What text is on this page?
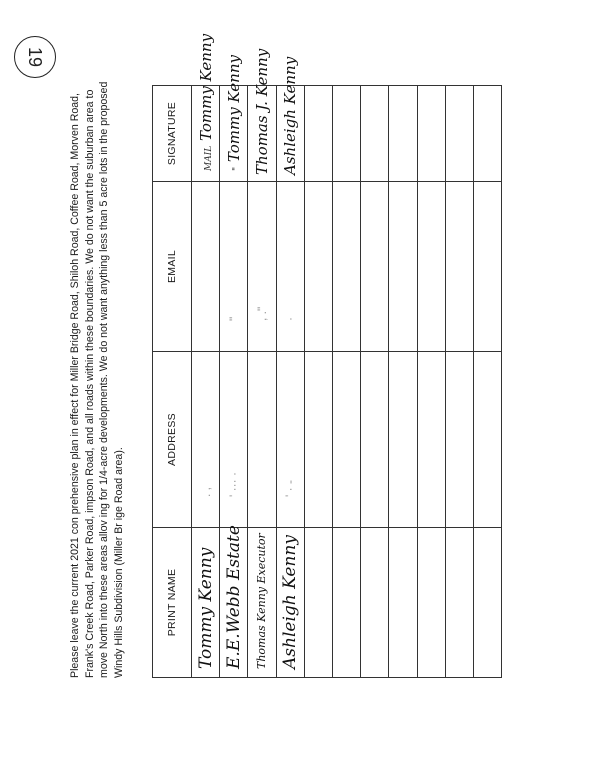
19

Please leave the current 2021 con prehensive plan in effect for Miller Bridge Road, Shiloh Road, Coffee Road, Morven Road, Frank's Creek Road, Parker Road, impson Road, and all roads within these boundaries. We do not want the suburban area to move North into these areas allov ing for 1/4-acre developments. We do not want anything less than 5 acre lots in the proposed Windy Hills Subdivision (Miller Br ige Road area).	PRINT NAME	ADDRESS	EMAIL	SIGNATURE
Tommy Kenny	. ,		MAIL Tommy Kenny
E.E.Webb Estate	' ··· ·	"	" Tommy Kenny
Thomas Kenny Executor		, ."	Thomas J. Kenny
Ashleigh Kenny	' · -	·	Ashleigh Kenny
